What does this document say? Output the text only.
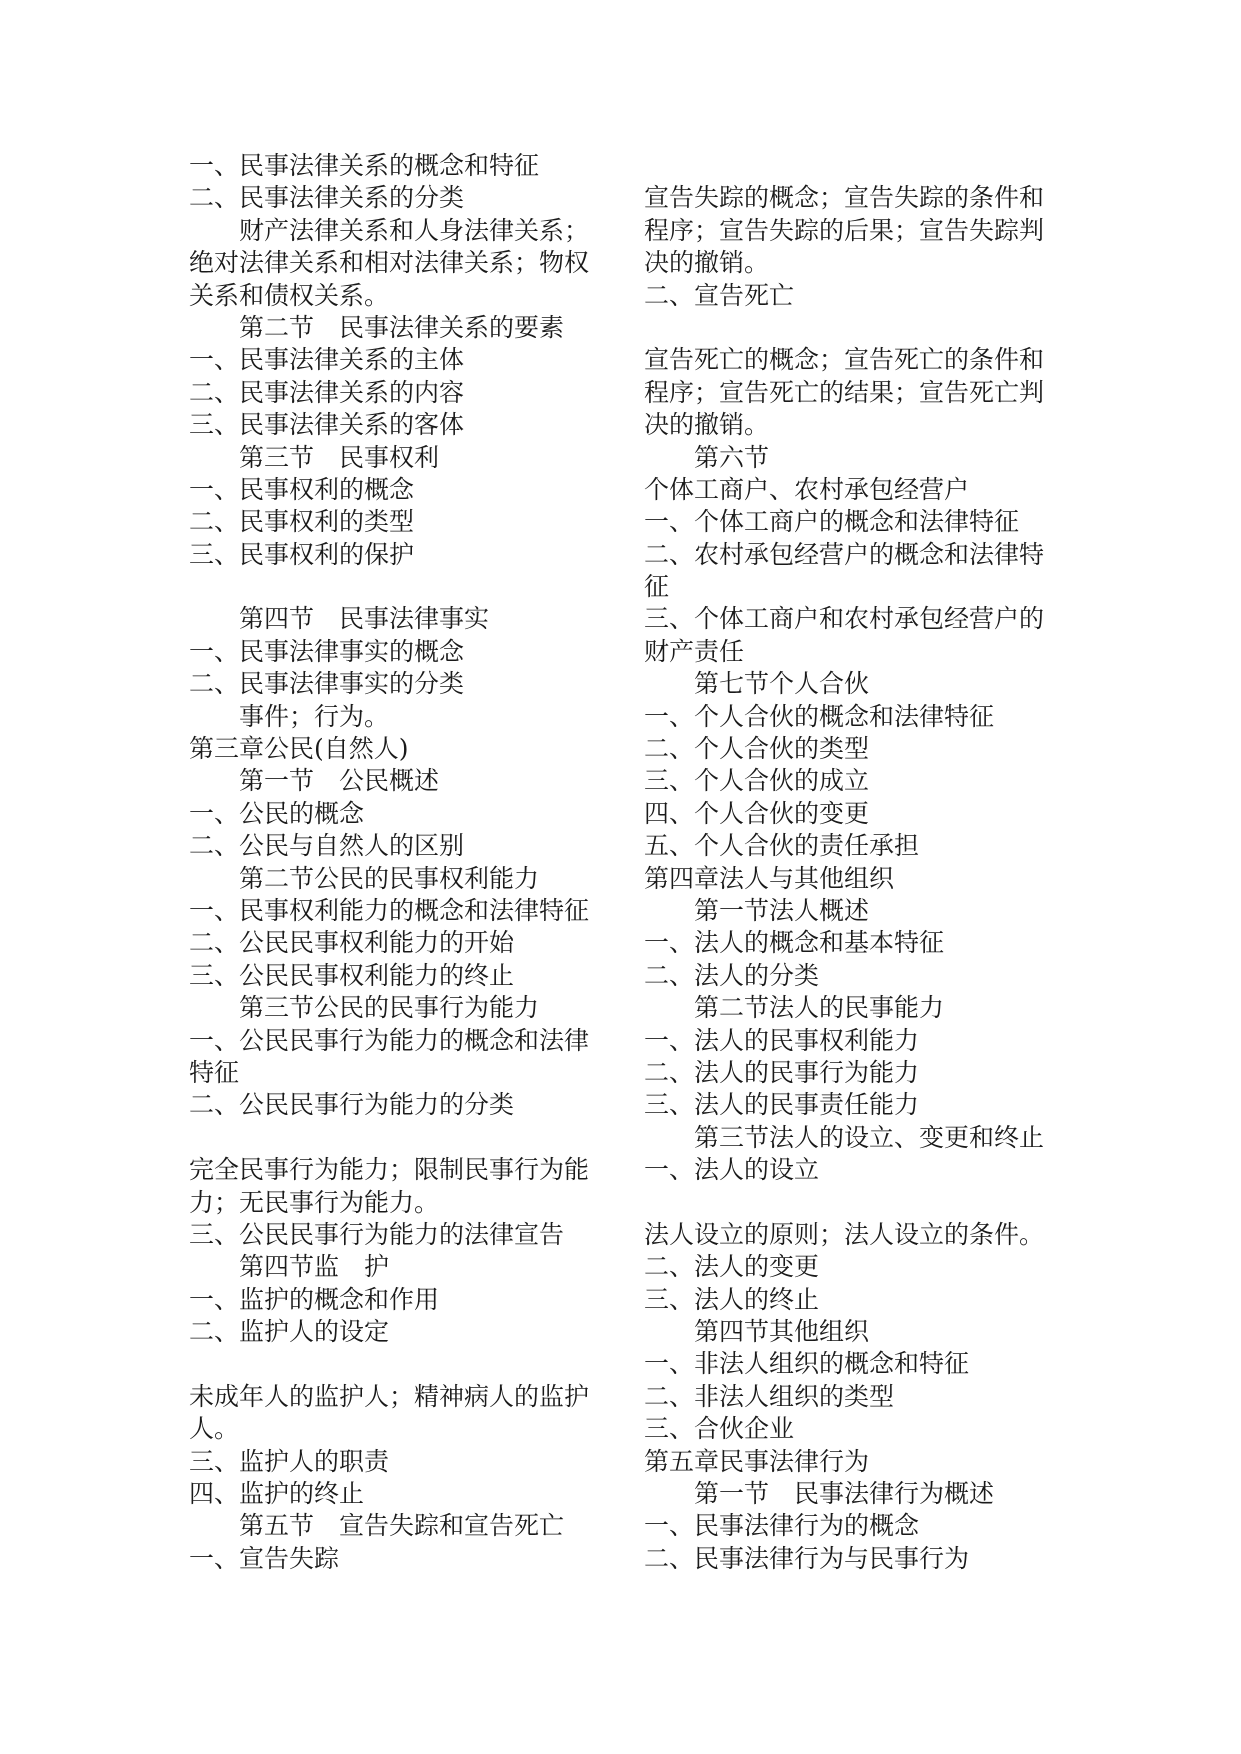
一、民事法律关系的概念和特征
二、民事法律关系的分类
财产法律关系和人身法律关系；
绝对法律关系和相对法律关系；物权
关系和债权关系。
第二节　民事法律关系的要素
一、民事法律关系的主体
二、民事法律关系的内容
三、民事法律关系的客体
第三节　民事权利
一、民事权利的概念
二、民事权利的类型
三、民事权利的保护
第四节　民事法律事实
一、民事法律事实的概念
二、民事法律事实的分类
事件；行为。
第三章公民(自然人)
第一节　公民概述
一、公民的概念
二、公民与自然人的区别
第二节公民的民事权利能力
一、民事权利能力的概念和法律特征
二、公民民事权利能力的开始
三、公民民事权利能力的终止
第三节公民的民事行为能力
一、公民民事行为能力的概念和法律
特征
二、公民民事行为能力的分类
完全民事行为能力；限制民事行为能
力；无民事行为能力。
三、公民民事行为能力的法律宣告
第四节监　护
一、监护的概念和作用
二、监护人的设定
未成年人的监护人；精神病人的监护
人。
三、监护人的职责
四、监护的终止
第五节　宣告失踪和宣告死亡
一、宣告失踪
宣告失踪的概念；宣告失踪的条件和
程序；宣告失踪的后果；宣告失踪判
决的撤销。
二、宣告死亡
宣告死亡的概念；宣告死亡的条件和
程序；宣告死亡的结果；宣告死亡判
决的撤销。
第六节
个体工商户、农村承包经营户
一、个体工商户的概念和法律特征
二、农村承包经营户的概念和法律特
征
三、个体工商户和农村承包经营户的
财产责任
第七节个人合伙
一、个人合伙的概念和法律特征
二、个人合伙的类型
三、个人合伙的成立
四、个人合伙的变更
五、个人合伙的责任承担
第四章法人与其他组织
第一节法人概述
一、法人的概念和基本特征
二、法人的分类
第二节法人的民事能力
一、法人的民事权利能力
二、法人的民事行为能力
三、法人的民事责任能力
第三节法人的设立、变更和终止
一、法人的设立
法人设立的原则；法人设立的条件。
二、法人的变更
三、法人的终止
第四节其他组织
一、非法人组织的概念和特征
二、非法人组织的类型
三、合伙企业
第五章民事法律行为
第一节　民事法律行为概述
一、民事法律行为的概念
二、民事法律行为与民事行为
